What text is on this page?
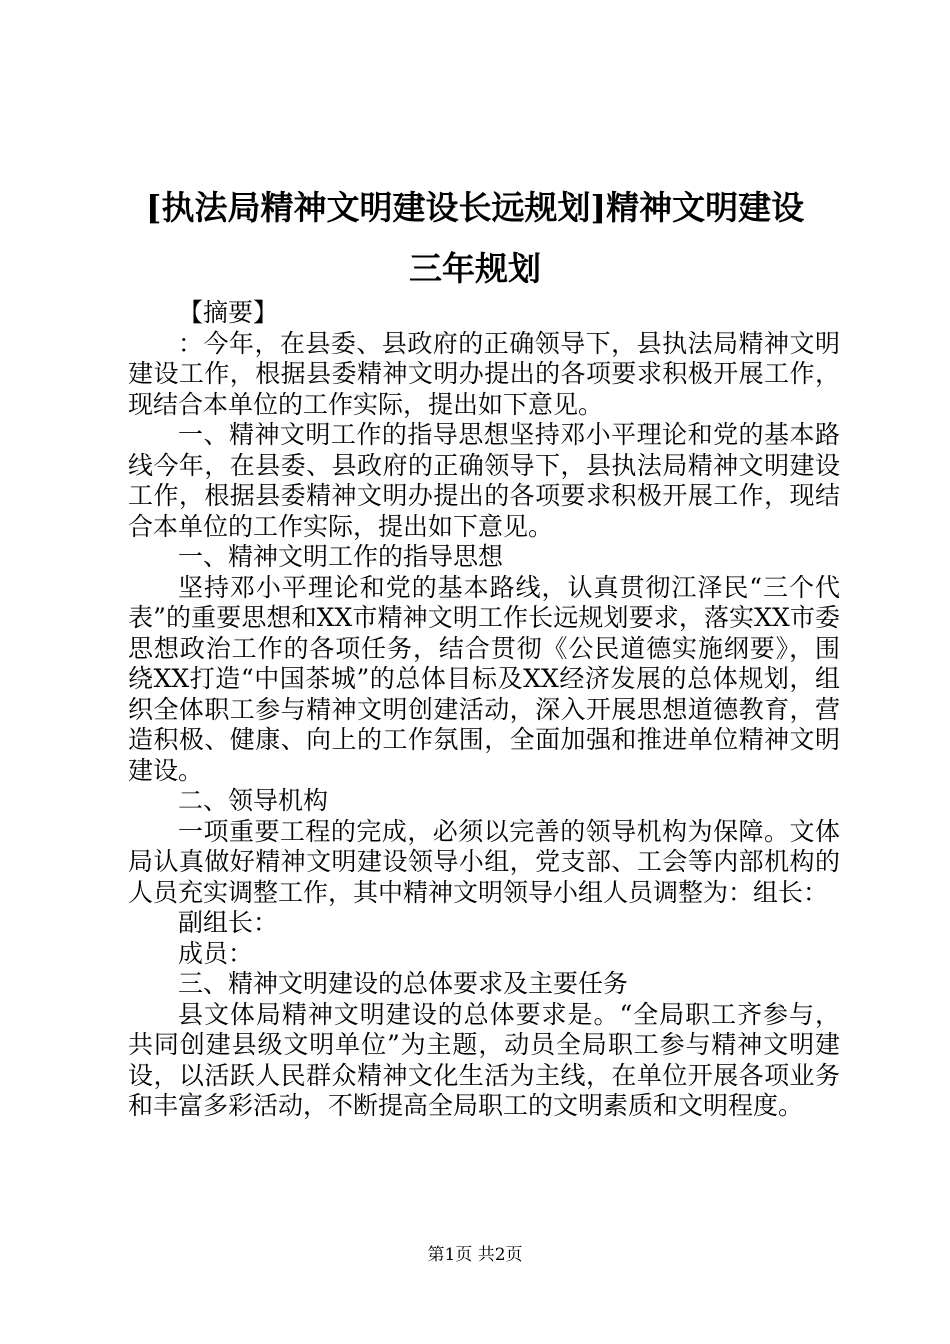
[执法局精神文明建设长远规划]精神文明建设
三年规划

【摘要】

：今年，在县委、县政府的正确领导下，县执法局精神文明建设工作，根据县委精神文明办提出的各项要求积极开展工作，现结合本单位的工作实际，提出如下意见。

一、精神文明工作的指导思想坚持邓小平理论和党的基本路线今年，在县委、县政府的正确领导下，县执法局精神文明建设工作，根据县委精神文明办提出的各项要求积极开展工作，现结合本单位的工作实际，提出如下意见。

一、精神文明工作的指导思想

坚持邓小平理论和党的基本路线，认真贯彻江泽民“三个代表”的重要思想和XX市精神文明工作长远规划要求，落实XX市委思想政治工作的各项任务，结合贯彻《公民道德实施纲要》，围绕XX打造“中国茶城”的总体目标及XX经济发展的总体规划，组织全体职工参与精神文明创建活动，深入开展思想道德教育，营造积极、健康、向上的工作氛围，全面加强和推进单位精神文明建设。

二、领导机构

一项重要工程的完成，必须以完善的领导机构为保障。文体局认真做好精神文明建设领导小组，党支部、工会等内部机构的人员充实调整工作，其中精神文明领导小组人员调整为：组长：

副组长：

成员：

三、精神文明建设的总体要求及主要任务

县文体局精神文明建设的总体要求是。“全局职工齐参与，共同创建县级文明单位”为主题，动员全局职工参与精神文明建设，以活跃人民群众精神文化生活为主线，在单位开展各项业务和丰富多彩活动，不断提高全局职工的文明素质和文明程度。

第1页 共2页
